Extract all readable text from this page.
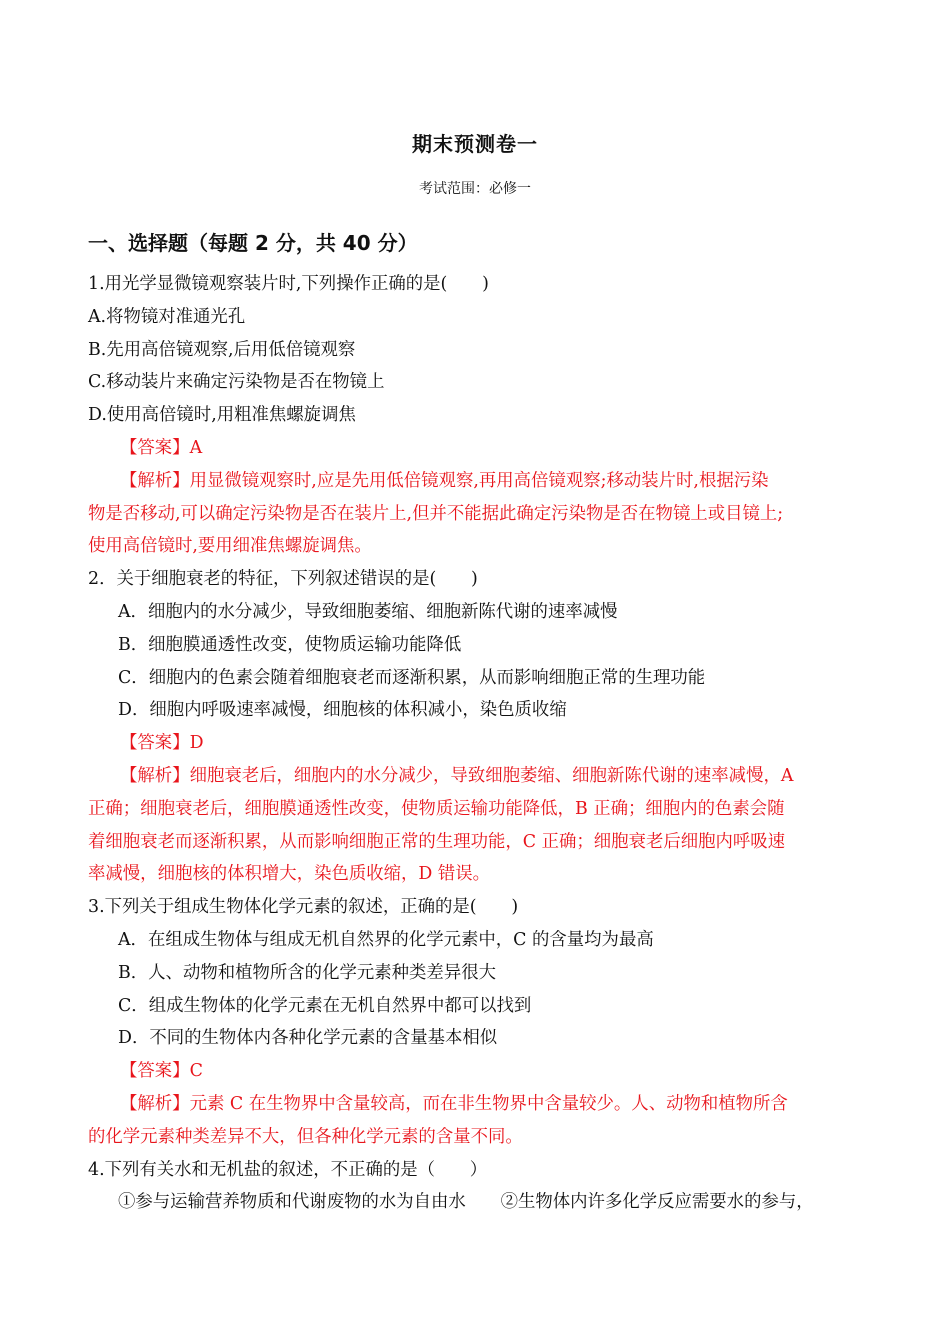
期末预测卷一
考试范围：必修一
一、选择题（每题 2 分，共 40 分）

1.用光学显微镜观察装片时,下列操作正确的是(　　)

A.将物镜对准通光孔

B.先用高倍镜观察,后用低倍镜观察

C.移动装片来确定污染物是否在物镜上

D.使用高倍镜时,用粗准焦螺旋调焦

【答案】A

【解析】用显微镜观察时,应是先用低倍镜观察,再用高倍镜观察;移动装片时,根据污染

物是否移动,可以确定污染物是否在装片上,但并不能据此确定污染物是否在物镜上或目镜上;

使用高倍镜时,要用细准焦螺旋调焦。

2．关于细胞衰老的特征，下列叙述错误的是(　　)

A．细胞内的水分减少，导致细胞萎缩、细胞新陈代谢的速率减慢

B．细胞膜通透性改变，使物质运输功能降低

C．细胞内的色素会随着细胞衰老而逐渐积累，从而影响细胞正常的生理功能

D．细胞内呼吸速率减慢，细胞核的体积减小，染色质收缩

【答案】D

【解析】细胞衰老后，细胞内的水分减少，导致细胞萎缩、细胞新陈代谢的速率减慢，A

正确；细胞衰老后，细胞膜通透性改变，使物质运输功能降低，B 正确；细胞内的色素会随

着细胞衰老而逐渐积累，从而影响细胞正常的生理功能，C 正确；细胞衰老后细胞内呼吸速

率减慢，细胞核的体积增大，染色质收缩，D 错误。

3.下列关于组成生物体化学元素的叙述，正确的是(　　)

A．在组成生物体与组成无机自然界的化学元素中，C 的含量均为最高

B．人、动物和植物所含的化学元素种类差异很大

C．组成生物体的化学元素在无机自然界中都可以找到

D．不同的生物体内各种化学元素的含量基本相似

【答案】C

【解析】元素 C 在生物界中含量较高，而在非生物界中含量较少。人、动物和植物所含

的化学元素种类差异不大，但各种化学元素的含量不同。

4.下列有关水和无机盐的叙述，不正确的是（　　）

①参与运输营养物质和代谢废物的水为自由水　　②生物体内许多化学反应需要水的参与，
